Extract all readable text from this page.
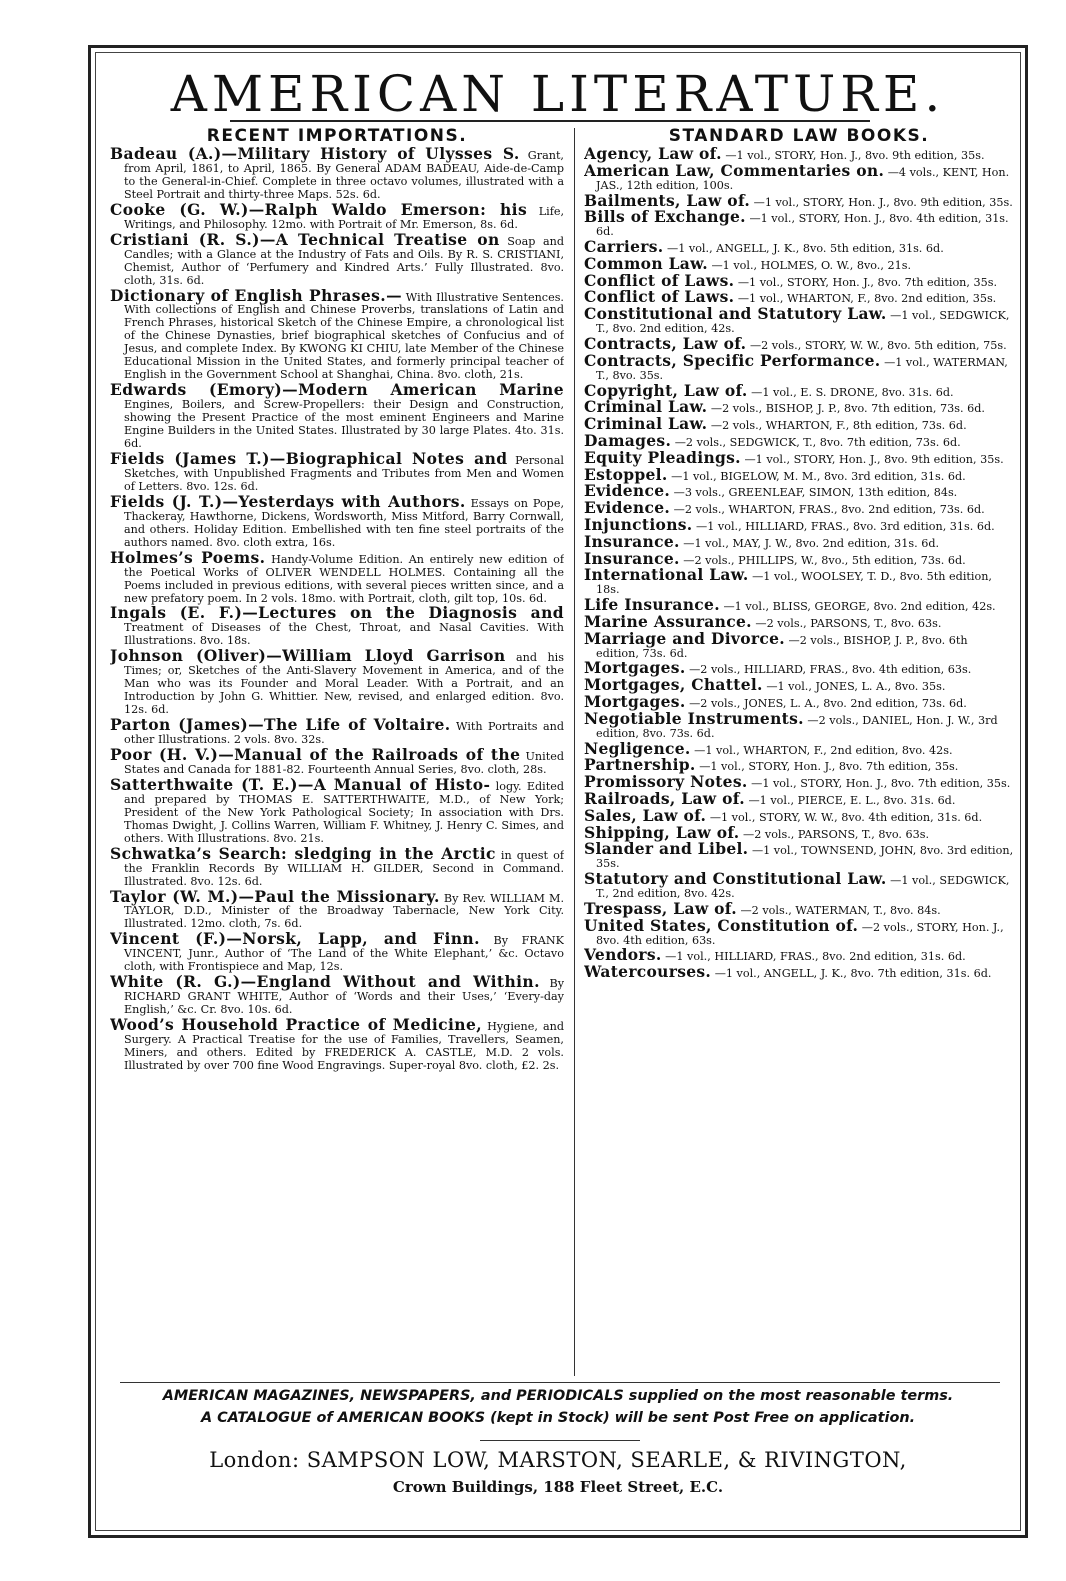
AMERICAN LITERATURE.
RECENT IMPORTATIONS.
Badeau (A.)—Military History of Ulysses S. Grant, from April, 1861, to April, 1865. By General ADAM BADEAU, Aide-de-Camp to the General-in-Chief. Complete in three octavo volumes, illustrated with a Steel Portrait and thirty-three Maps. 52s. 6d.
Cooke (G. W.)—Ralph Waldo Emerson: his Life, Writings, and Philosophy. 12mo. with Portrait of Mr. Emerson, 8s. 6d.
Cristiani (R. S.)—A Technical Treatise on Soap and Candles; with a Glance at the Industry of Fats and Oils. By R. S. CRISTIANI, Chemist, Author of ‘Perfumery and Kindred Arts.’ Fully Illustrated. 8vo. cloth, 31s. 6d.
Dictionary of English Phrases.— With Illustrative Sentences. With collections of English and Chinese Proverbs, translations of Latin and French Phrases, historical Sketch of the Chinese Empire, a chronological list of the Chinese Dynasties, brief biographical sketches of Confucius and of Jesus, and complete Index. By KWONG KI CHIU, late Member of the Chinese Educational Mission in the United States, and formerly principal teacher of English in the Government School at Shanghai, China. 8vo. cloth, 21s.
Edwards (Emory)—Modern American Marine Engines, Boilers, and Screw-Propellers: their Design and Construction, showing the Present Practice of the most eminent Engineers and Marine Engine Builders in the United States. Illustrated by 30 large Plates. 4to. 31s. 6d.
Fields (James T.)—Biographical Notes and Personal Sketches, with Unpublished Fragments and Tributes from Men and Women of Letters. 8vo. 12s. 6d.
Fields (J. T.)—Yesterdays with Authors. Essays on Pope, Thackeray, Hawthorne, Dickens, Wordsworth, Miss Mitford, Barry Cornwall, and others. Holiday Edition. Embellished with ten fine steel portraits of the authors named. 8vo. cloth extra, 16s.
Holmes’s Poems. Handy-Volume Edition. An entirely new edition of the Poetical Works of OLIVER WENDELL HOLMES. Containing all the Poems included in previous editions, with several pieces written since, and a new prefatory poem. In 2 vols. 18mo. with Portrait, cloth, gilt top, 10s. 6d.
Ingals (E. F.)—Lectures on the Diagnosis and Treatment of Diseases of the Chest, Throat, and Nasal Cavities. With Illustrations. 8vo. 18s.
Johnson (Oliver)—William Lloyd Garrison and his Times; or, Sketches of the Anti-Slavery Movement in America, and of the Man who was its Founder and Moral Leader. With a Portrait, and an Introduction by John G. Whittier. New, revised, and enlarged edition. 8vo. 12s. 6d.
Parton (James)—The Life of Voltaire. With Portraits and other Illustrations. 2 vols. 8vo. 32s.
Poor (H. V.)—Manual of the Railroads of the United States and Canada for 1881-82. Fourteenth Annual Series, 8vo. cloth, 28s.
Satterthwaite (T. E.)—A Manual of Histo- logy. Edited and prepared by THOMAS E. SATTERTHWAITE, M.D., of New York; President of the New York Pathological Society; In association with Drs. Thomas Dwight, J. Collins Warren, William F. Whitney, J. Henry C. Simes, and others. With Illustrations. 8vo. 21s.
Schwatka’s Search: sledging in the Arctic in quest of the Franklin Records By WILLIAM H. GILDER, Second in Command. Illustrated. 8vo. 12s. 6d.
Taylor (W. M.)—Paul the Missionary. By Rev. WILLIAM M. TAYLOR, D.D., Minister of the Broadway Tabernacle, New York City. Illustrated. 12mo. cloth, 7s. 6d.
Vincent (F.)—Norsk, Lapp, and Finn. By FRANK VINCENT, Junr., Author of ‘The Land of the White Elephant,’ &c. Octavo cloth, with Frontispiece and Map, 12s.
White (R. G.)—England Without and Within. By RICHARD GRANT WHITE, Author of ‘Words and their Uses,’ ‘Every-day English,’ &c. Cr. 8vo. 10s. 6d.
Wood’s Household Practice of Medicine, Hygiene, and Surgery. A Practical Treatise for the use of Families, Travellers, Seamen, Miners, and others. Edited by FREDERICK A. CASTLE, M.D. 2 vols. Illustrated by over 700 fine Wood Engravings. Super-royal 8vo. cloth, £2. 2s.
STANDARD LAW BOOKS.
Agency, Law of. —1 vol., STORY, Hon. J., 8vo. 9th edition, 35s.
American Law, Commentaries on. —4 vols., KENT, Hon. JAS., 12th edition, 100s.
Bailments, Law of. —1 vol., STORY, Hon. J., 8vo. 9th edition, 35s.
Bills of Exchange. —1 vol., STORY, Hon. J., 8vo. 4th edition, 31s. 6d.
Carriers. —1 vol., ANGELL, J. K., 8vo. 5th edition, 31s. 6d.
Common Law. —1 vol., HOLMES, O. W., 8vo., 21s.
Conflict of Laws. —1 vol., STORY, Hon. J., 8vo. 7th edition, 35s.
Conflict of Laws. —1 vol., WHARTON, F., 8vo. 2nd edition, 35s.
Constitutional and Statutory Law. —1 vol., SEDGWICK, T., 8vo. 2nd edition, 42s.
Contracts, Law of. —2 vols., STORY, W. W., 8vo. 5th edition, 75s.
Contracts, Specific Performance. —1 vol., WATERMAN, T., 8vo. 35s.
Copyright, Law of. —1 vol., E. S. DRONE, 8vo. 31s. 6d.
Criminal Law. —2 vols., BISHOP, J. P., 8vo. 7th edition, 73s. 6d.
Criminal Law. —2 vols., WHARTON, F., 8th edition, 73s. 6d.
Damages. —2 vols., SEDGWICK, T., 8vo. 7th edition, 73s. 6d.
Equity Pleadings. —1 vol., STORY, Hon. J., 8vo. 9th edition, 35s.
Estoppel. —1 vol., BIGELOW, M. M., 8vo. 3rd edition, 31s. 6d.
Evidence. —3 vols., GREENLEAF, SIMON, 13th edition, 84s.
Evidence. —2 vols., WHARTON, FRAS., 8vo. 2nd edition, 73s. 6d.
Injunctions. —1 vol., HILLIARD, FRAS., 8vo. 3rd edition, 31s. 6d.
Insurance. —1 vol., MAY, J. W., 8vo. 2nd edition, 31s. 6d.
Insurance. —2 vols., PHILLIPS, W., 8vo., 5th edition, 73s. 6d.
International Law. —1 vol., WOOLSEY, T. D., 8vo. 5th edition, 18s.
Life Insurance. —1 vol., BLISS, GEORGE, 8vo. 2nd edition, 42s.
Marine Assurance. —2 vols., PARSONS, T., 8vo. 63s.
Marriage and Divorce. —2 vols., BISHOP, J. P., 8vo. 6th edition, 73s. 6d.
Mortgages. —2 vols., HILLIARD, FRAS., 8vo. 4th edition, 63s.
Mortgages, Chattel. —1 vol., JONES, L. A., 8vo. 35s.
Mortgages. —2 vols., JONES, L. A., 8vo. 2nd edition, 73s. 6d.
Negotiable Instruments. —2 vols., DANIEL, Hon. J. W., 3rd edition, 8vo. 73s. 6d.
Negligence. —1 vol., WHARTON, F., 2nd edition, 8vo. 42s.
Partnership. —1 vol., STORY, Hon. J., 8vo. 7th edition, 35s.
Promissory Notes. —1 vol., STORY, Hon. J., 8vo. 7th edition, 35s.
Railroads, Law of. —1 vol., PIERCE, E. L., 8vo. 31s. 6d.
Sales, Law of. —1 vol., STORY, W. W., 8vo. 4th edition, 31s. 6d.
Shipping, Law of. —2 vols., PARSONS, T., 8vo. 63s.
Slander and Libel. —1 vol., TOWNSEND, JOHN, 8vo. 3rd edition, 35s.
Statutory and Constitutional Law. —1 vol., SEDGWICK, T., 2nd edition, 8vo. 42s.
Trespass, Law of. —2 vols., WATERMAN, T., 8vo. 84s.
United States, Constitution of. —2 vols., STORY, Hon. J., 8vo. 4th edition, 63s.
Vendors. —1 vol., HILLIARD, FRAS., 8vo. 2nd edition, 31s. 6d.
Watercourses. —1 vol., ANGELL, J. K., 8vo. 7th edition, 31s. 6d.
AMERICAN MAGAZINES, NEWSPAPERS, and PERIODICALS supplied on the most reasonable terms.
A CATALOGUE of AMERICAN BOOKS (kept in Stock) will be sent Post Free on application.
London: SAMPSON LOW, MARSTON, SEARLE, & RIVINGTON,
Crown Buildings, 188 Fleet Street, E.C.
